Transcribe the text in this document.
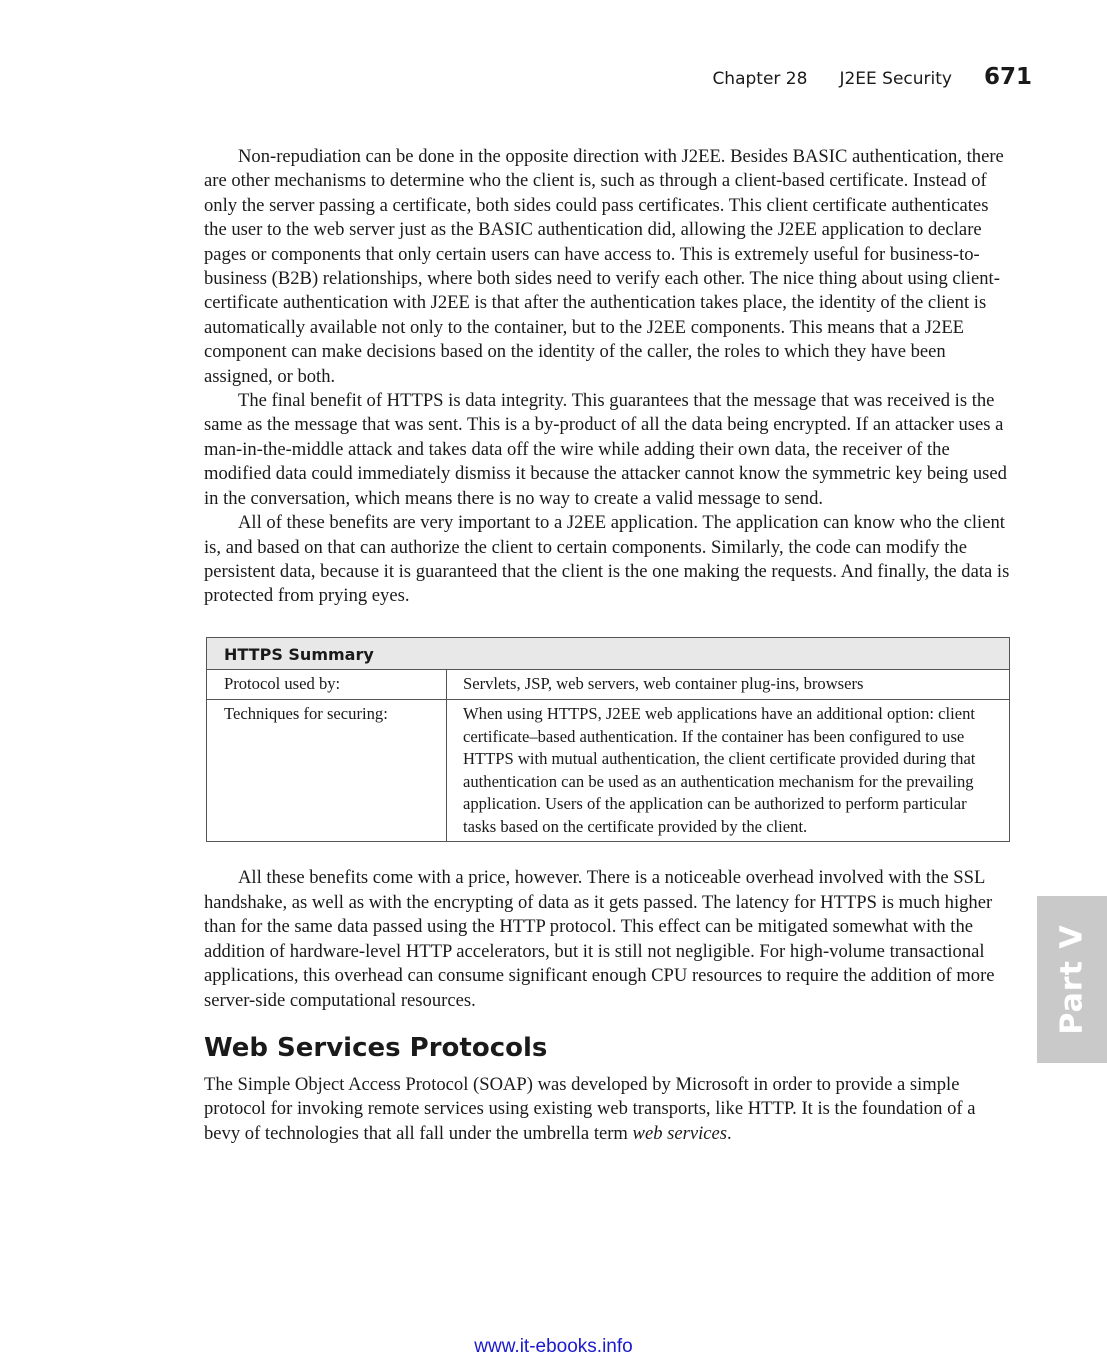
Chapter 28 J2EE Security 671

Non-repudiation can be done in the opposite direction with J2EE. Besides BASIC authentication, there are other mechanisms to determine who the client is, such as through a client-based certificate. Instead of only the server passing a certificate, both sides could pass certificates. This client certificate authenticates the user to the web server just as the BASIC authentication did, allowing the J2EE application to declare pages or components that only certain users can have access to. This is extremely useful for business-to-business (B2B) relationships, where both sides need to verify each other. The nice thing about using client-certificate authentication with J2EE is that after the authentication takes place, the identity of the client is automatically available not only to the container, but to the J2EE components. This means that a J2EE component can make decisions based on the identity of the caller, the roles to which they have been assigned, or both.

The final benefit of HTTPS is data integrity. This guarantees that the message that was received is the same as the message that was sent. This is a by-product of all the data being encrypted. If an attacker uses a man-in-the-middle attack and takes data off the wire while adding their own data, the receiver of the modified data could immediately dismiss it because the attacker cannot know the symmetric key being used in the conversation, which means there is no way to create a valid message to send.

All of these benefits are very important to a J2EE application. The application can know who the client is, and based on that can authorize the client to certain components. Similarly, the code can modify the persistent data, because it is guaranteed that the client is the one making the requests. And finally, the data is protected from prying eyes.

HTTPS Summary	
Protocol used by:	Servlets, JSP, web servers, web container plug-ins, browsers
Techniques for securing:	When using HTTPS, J2EE web applications have an additional option: client certificate–based authentication. If the container has been configured to use HTTPS with mutual authentication, the client certificate provided during that authentication can be used as an authentication mechanism for the prevailing application. Users of the application can be authorized to perform particular tasks based on the certificate provided by the client.

All these benefits come with a price, however. There is a noticeable overhead involved with the SSL handshake, as well as with the encrypting of data as it gets passed. The latency for HTTPS is much higher than for the same data passed using the HTTP protocol. This effect can be mitigated somewhat with the addition of hardware-level HTTP accelerators, but it is still not negligible. For high-volume transactional applications, this overhead can consume significant enough CPU resources to require the addition of more server-side computational resources.

Web Services Protocols

The Simple Object Access Protocol (SOAP) was developed by Microsoft in order to provide a simple protocol for invoking remote services using existing web transports, like HTTP. It is the foundation of a bevy of technologies that all fall under the umbrella term web services.

Part V
www.it-ebooks.info
